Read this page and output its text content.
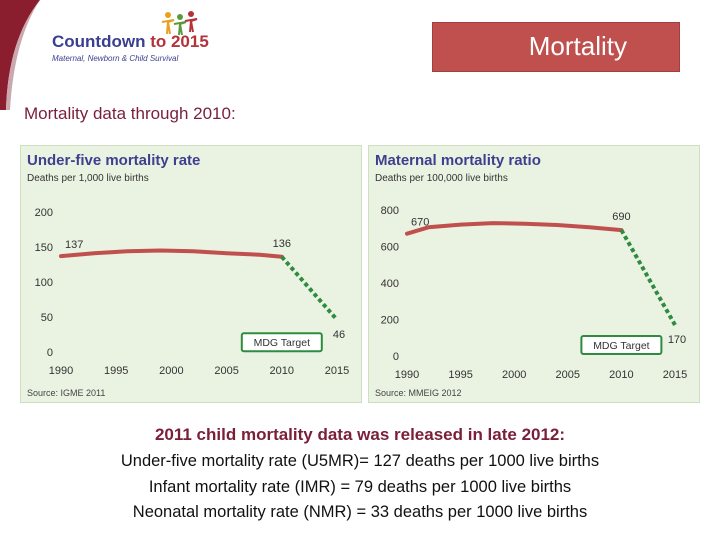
Countdown to 2015
Maternal, Newborn & Child Survival	Mortality
Mortality data through 2010:
Under-five mortality rate
Deaths per 1,000 live births
0
50
100
150
200
1990	1995	2000	2005	2010	2015
137	136
46
MDG Target
Source: IGME 2011
Maternal mortality ratio
Deaths per 100,000 live births
0
200
400
600
800
1990	1995	2000	2005	2010	2015
670	690
170
MDG Target
Source: MMEIG 2012
2011 child mortality data was released in late 2012:
Under-five mortality rate (U5MR)= 127 deaths per 1000 live births
Infant mortality rate (IMR) = 79 deaths per 1000 live births
Neonatal mortality rate (NMR) = 33 deaths per 1000 live births
